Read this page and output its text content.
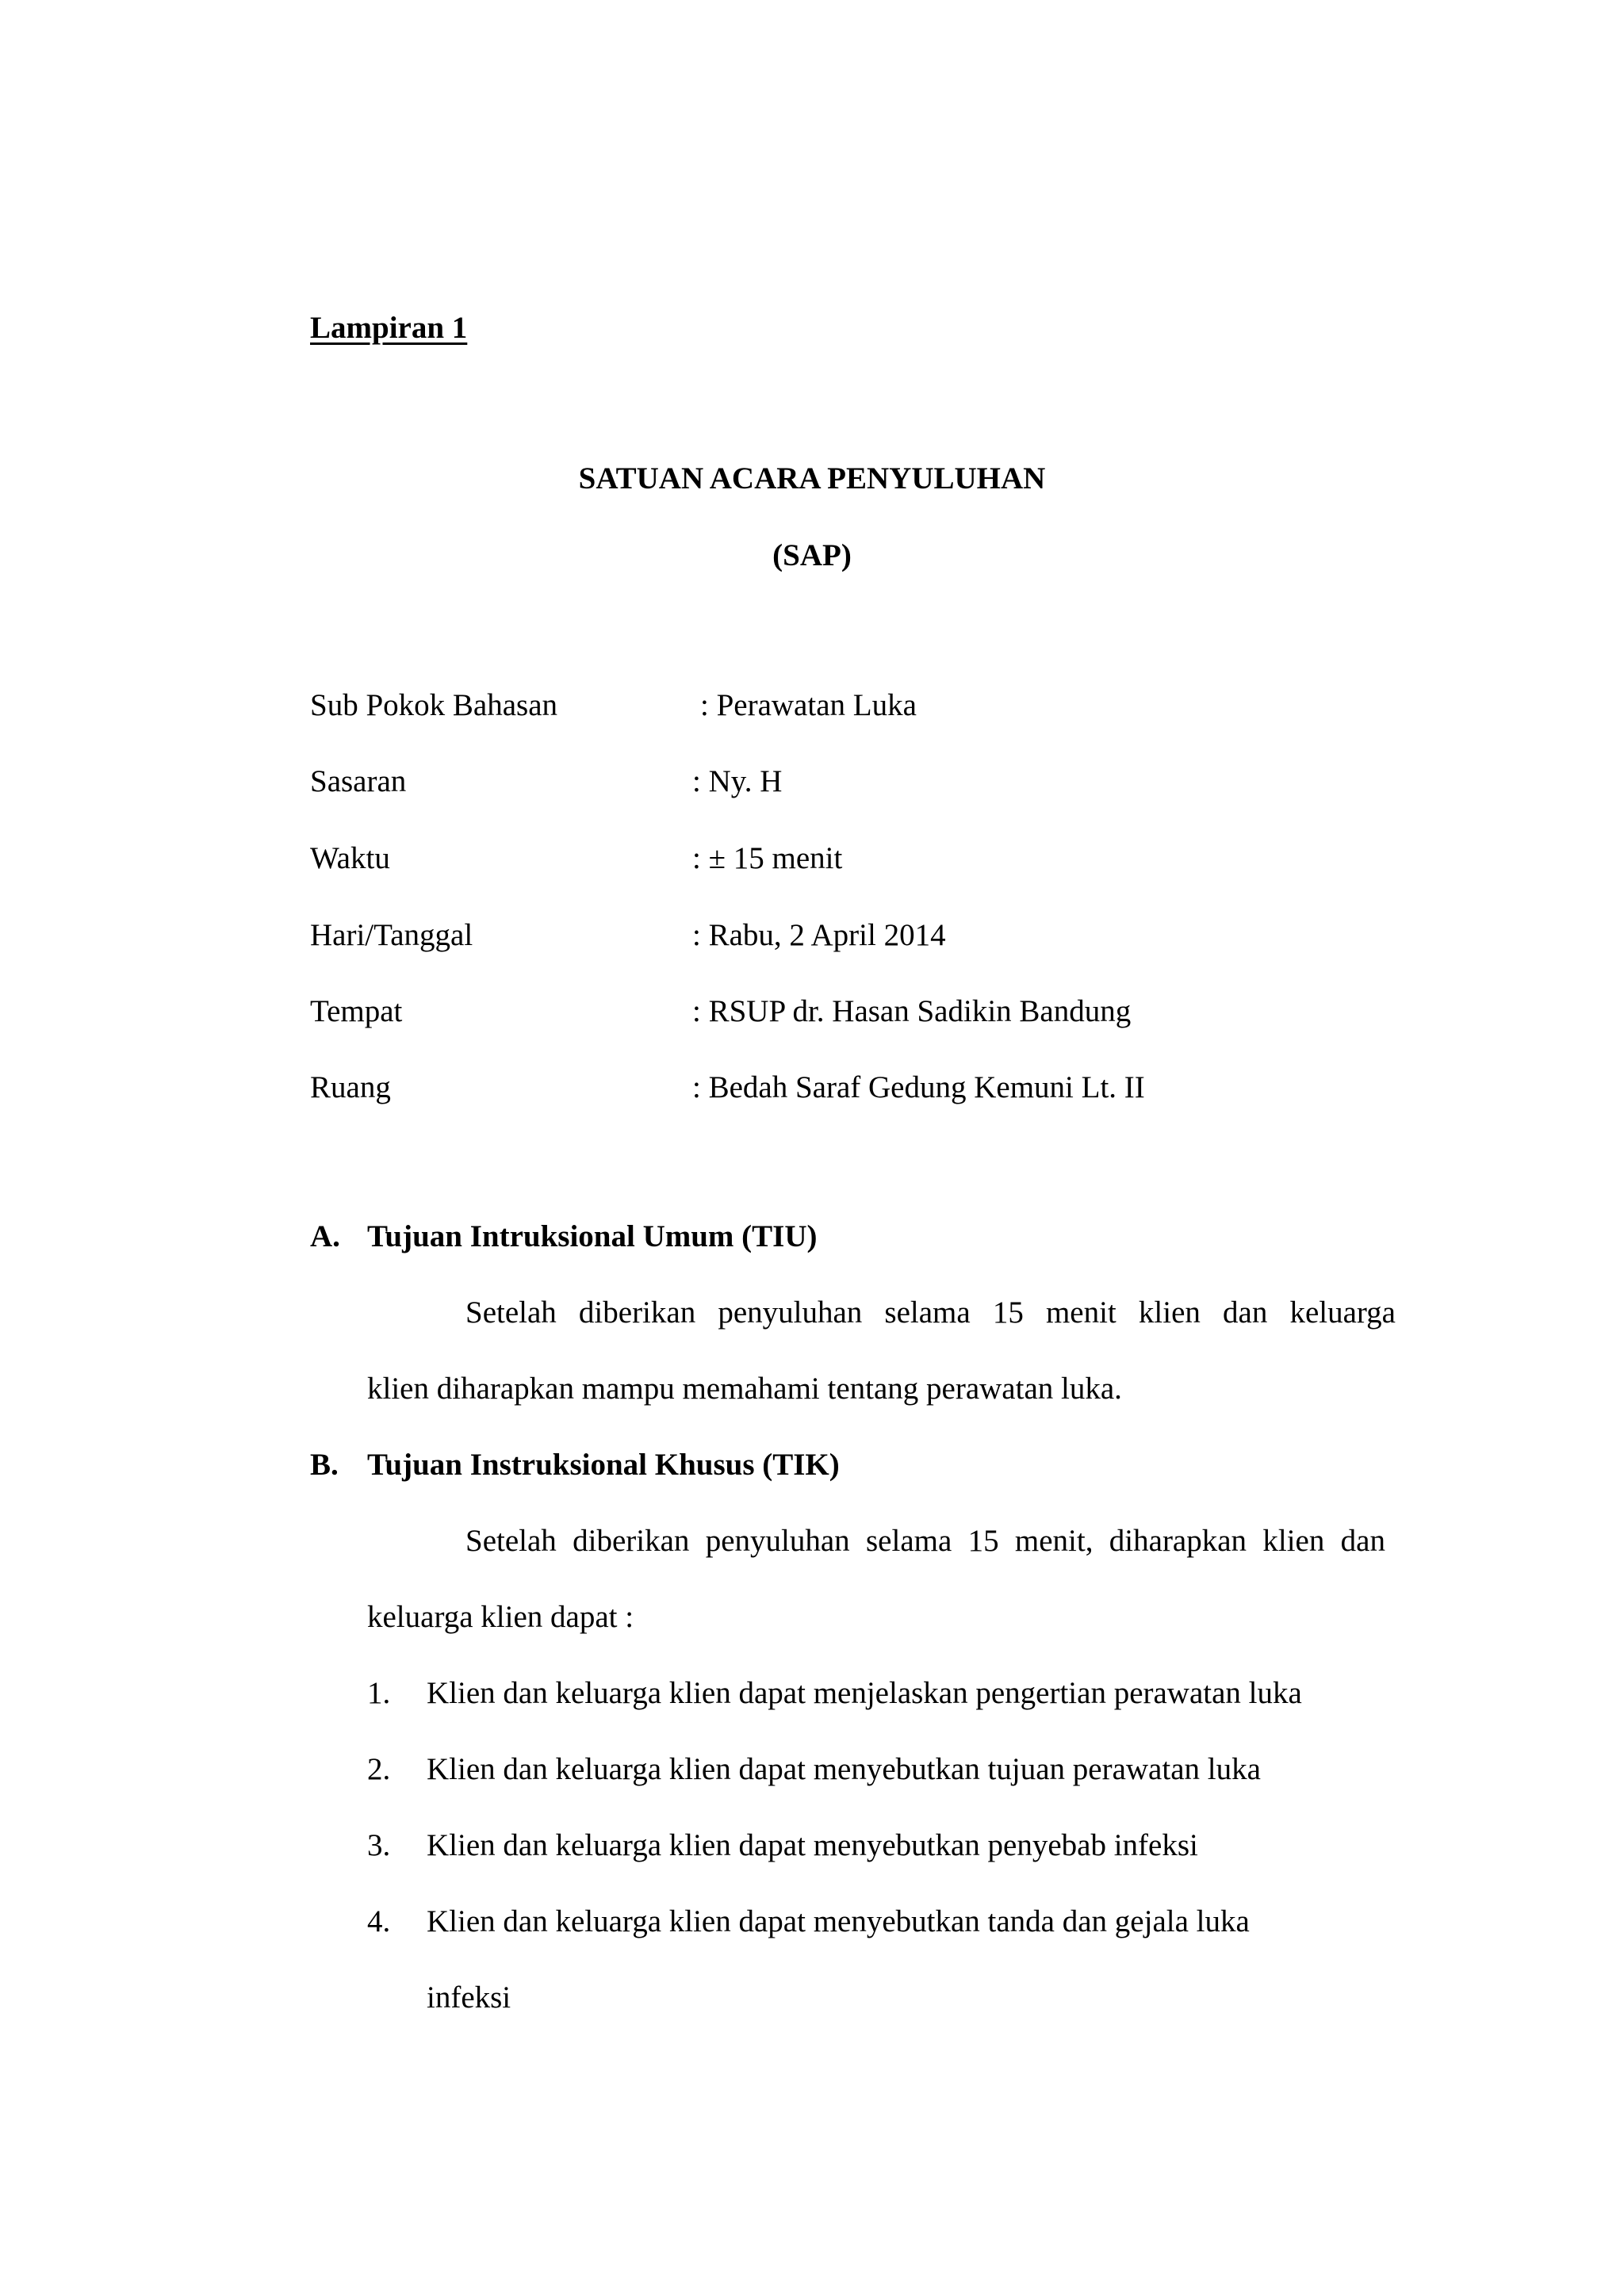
Lampiran 1
SATUAN ACARA PENYULUHAN
(SAP)
Sub Pokok Bahasan	: Perawatan Luka
Sasaran	: Ny. H
Waktu	: ± 15 menit
Hari/Tanggal	: Rabu, 2 April 2014
Tempat	: RSUP dr. Hasan Sadikin Bandung
Ruang	: Bedah Saraf Gedung Kemuni Lt. II
A. Tujuan Intruksional Umum (TIU)
Setelah diberikan penyuluhan selama 15 menit klien dan keluarga
klien diharapkan mampu memahami tentang perawatan luka.
B. Tujuan Instruksional Khusus (TIK)
Setelah diberikan penyuluhan selama 15 menit, diharapkan klien dan
keluarga klien dapat :
1. Klien dan keluarga klien dapat menjelaskan pengertian perawatan luka
2. Klien dan keluarga klien dapat menyebutkan tujuan perawatan luka
3. Klien dan keluarga klien dapat menyebutkan penyebab infeksi
4. Klien dan keluarga klien dapat menyebutkan tanda dan gejala luka
infeksi
